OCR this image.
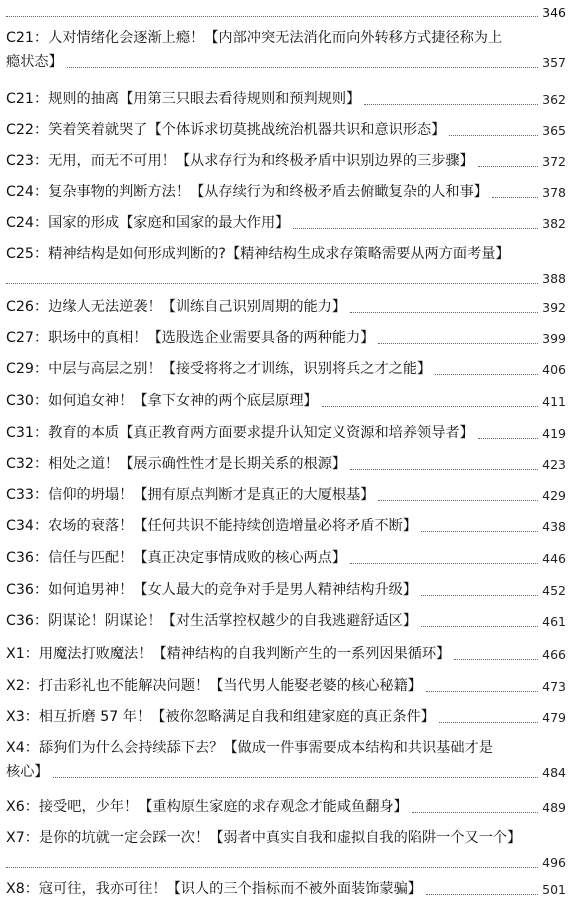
346
C21：人对情绪化会逐渐上瘾！【内部冲突无法消化而向外转移方式捷径称为上
瘾状态】	357
C21：规则的抽离【用第三只眼去看待规则和预判规则】	362
C22：笑着笑着就哭了【个体诉求切莫挑战统治机器共识和意识形态】	365
C23：无用，而无不可用！【从求存行为和终极矛盾中识别边界的三步骤】	372
C24：复杂事物的判断方法！【从存续行为和终极矛盾去俯瞰复杂的人和事】	378
C24：国家的形成【家庭和国家的最大作用】	382
C25：精神结构是如何形成判断的?【精神结构生成求存策略需要从两方面考量】
388
C26：边缘人无法逆袭！【训练自己识别周期的能力】	392
C27：职场中的真相！【选股选企业需要具备的两种能力】	399
C29：中层与高层之别！【接受将将之才训练，识别将兵之才之能】	406
C30：如何追女神！【拿下女神的两个底层原理】	411
C31：教育的本质【真正教育两方面要求提升认知定义资源和培养领导者】	419
C32：相处之道！【展示确性性才是长期关系的根源】	423
C33：信仰的坍塌！【拥有原点判断才是真正的大厦根基】	429
C34：农场的衰落！【任何共识不能持续创造增量必将矛盾不断】	438
C36：信任与匹配！【真正决定事情成败的核心两点】	446
C36：如何追男神！【女人最大的竞争对手是男人精神结构升级】	452
C36：阴谋论！阴谋论！【对生活掌控权越少的自我逃避舒适区】	461
X1：用魔法打败魔法！【精神结构的自我判断产生的一系列因果循环】	466
X2：打击彩礼也不能解决问题！【当代男人能娶老婆的核心秘籍】	473
X3：相互折磨 57 年！【被你忽略满足自我和组建家庭的真正条件】	479
X4：舔狗们为什么会持续舔下去？【做成一件事需要成本结构和共识基础才是
核心】	484
X6：接受吧，少年！【重构原生家庭的求存观念才能咸鱼翻身】	489
X7：是你的坑就一定会踩一次！【弱者中真实自我和虚拟自我的陷阱一个又一个】
496
X8：寇可往，我亦可往！【识人的三个指标而不被外面装饰蒙骗】	501
